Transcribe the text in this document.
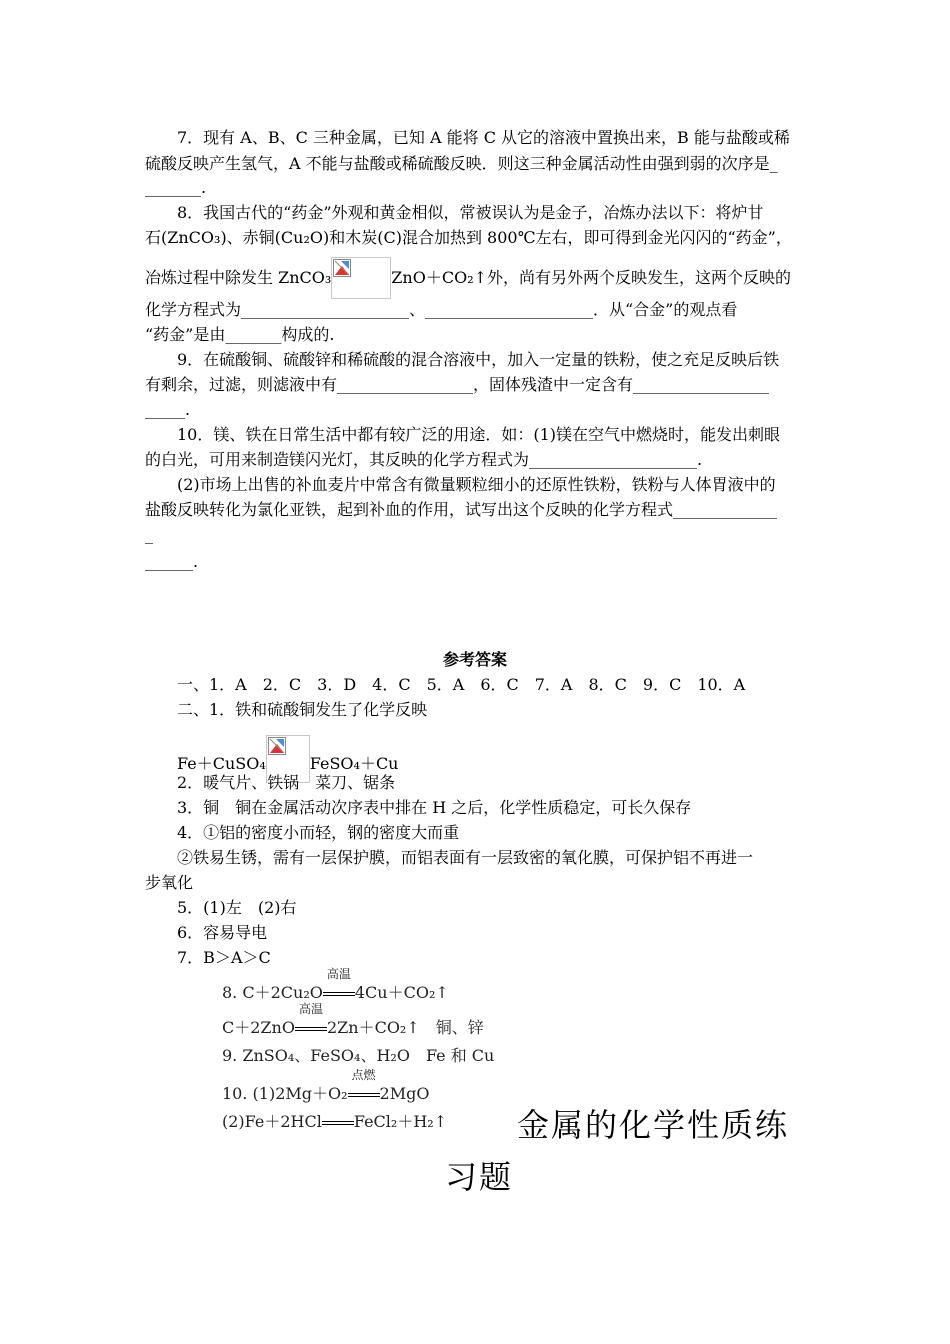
7．现有 A、B、C 三种金属，已知 A 能将 C 从它的溶液中置换出来，B 能与盐酸或稀
硫酸反映产生氢气，A 不能与盐酸或稀硫酸反映．则这三种金属活动性由强到弱的次序是_
_______.
8．我国古代的“药金”外观和黄金相似，常被误认为是金子，冶炼办法以下：将炉甘
石(ZnCO₃)、赤铜(Cu₂O)和木炭(C)混合加热到 800℃左右，即可得到金光闪闪的“药金”，
冶炼过程中除发生 ZnCO₃	ZnO＋CO₂↑外，尚有另外两个反映发生，这两个反映的
化学方程式为_____________________、_____________________．从“合金”的观点看
“药金”是由_______构成的.
9．在硫酸铜、硫酸锌和稀硫酸的混合溶液中，加入一定量的铁粉，使之充足反映后铁
有剩余，过滤，则滤液中有_________________，固体残渣中一定含有_________________
_____.
10．镁、铁在日常生活中都有较广泛的用途．如：(1)镁在空气中燃烧时，能发出刺眼
的白光，可用来制造镁闪光灯，其反映的化学方程式为_____________________.
(2)市场上出售的补血麦片中常含有微量颗粒细小的还原性铁粉，铁粉与人体胃液中的
盐酸反映转化为氯化亚铁，起到补血的作用，试写出这个反映的化学方程式_____________
_
______.
参考答案
一、1．A　2．C　3．D　4．C　5．A　6．C　7．A　8．C　9．C　10．A
二、1．铁和硫酸铜发生了化学反映
Fe＋CuSO₄	FeSO₄＋Cu
2．暖气片、铁锅　菜刀、锯条
3．铜　铜在金属活动次序表中排在 H 之后，化学性质稳定，可长久保存
4．①铝的密度小而轻，钢的密度大而重
②铁易生锈，需有一层保护膜，而铝表面有一层致密的氧化膜，可保护铝不再进一
步氧化
5．(1)左　(2)右
6．容易导电
7．B＞A＞C
8. C＋2Cu₂O
高温
4Cu＋CO₂↑
C＋2ZnO
高温
2Zn＋CO₂↑　铜、锌
9. ZnSO₄、FeSO₄、H₂O　Fe 和 Cu
10. (1)2Mg＋O₂
点燃
2MgO
(2)Fe＋2HCl FeCl₂＋H₂↑ 金属的化学性质练
习题
